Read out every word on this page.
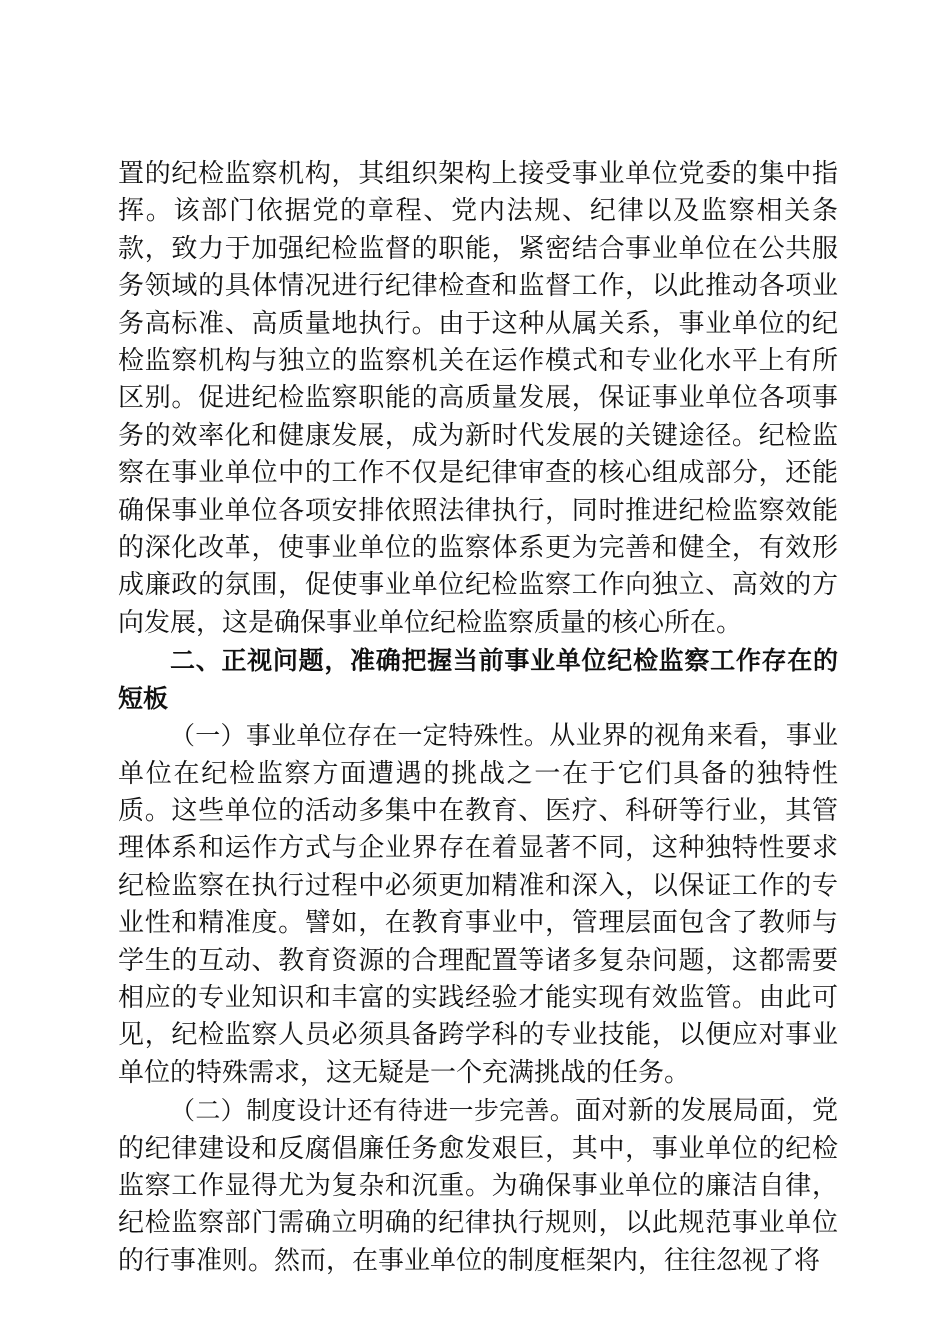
置的纪检监察机构，其组织架构上接受事业单位党委的集中指挥。该部门依据党的章程、党内法规、纪律以及监察相关条款，致力于加强纪检监督的职能，紧密结合事业单位在公共服务领域的具体情况进行纪律检查和监督工作，以此推动各项业务高标准、高质量地执行。由于这种从属关系，事业单位的纪检监察机构与独立的监察机关在运作模式和专业化水平上有所区别。促进纪检监察职能的高质量发展，保证事业单位各项事务的效率化和健康发展，成为新时代发展的关键途径。纪检监察在事业单位中的工作不仅是纪律审查的核心组成部分，还能确保事业单位各项安排依照法律执行，同时推进纪检监察效能的深化改革，使事业单位的监察体系更为完善和健全，有效形成廉政的氛围，促使事业单位纪检监察工作向独立、高效的方向发展，这是确保事业单位纪检监察质量的核心所在。

二、正视问题，准确把握当前事业单位纪检监察工作存在的短板

（一）事业单位存在一定特殊性。从业界的视角来看，事业单位在纪检监察方面遭遇的挑战之一在于它们具备的独特性质。这些单位的活动多集中在教育、医疗、科研等行业，其管理体系和运作方式与企业界存在着显著不同，这种独特性要求纪检监察在执行过程中必须更加精准和深入，以保证工作的专业性和精准度。譬如，在教育事业中，管理层面包含了教师与学生的互动、教育资源的合理配置等诸多复杂问题，这都需要相应的专业知识和丰富的实践经验才能实现有效监管。由此可见，纪检监察人员必须具备跨学科的专业技能，以便应对事业单位的特殊需求，这无疑是一个充满挑战的任务。

（二）制度设计还有待进一步完善。面对新的发展局面，党的纪律建设和反腐倡廉任务愈发艰巨，其中，事业单位的纪检监察工作显得尤为复杂和沉重。为确保事业单位的廉洁自律，纪检监察部门需确立明确的纪律执行规则，以此规范事业单位的行事准则。然而，在事业单位的制度框架内，往往忽视了将
